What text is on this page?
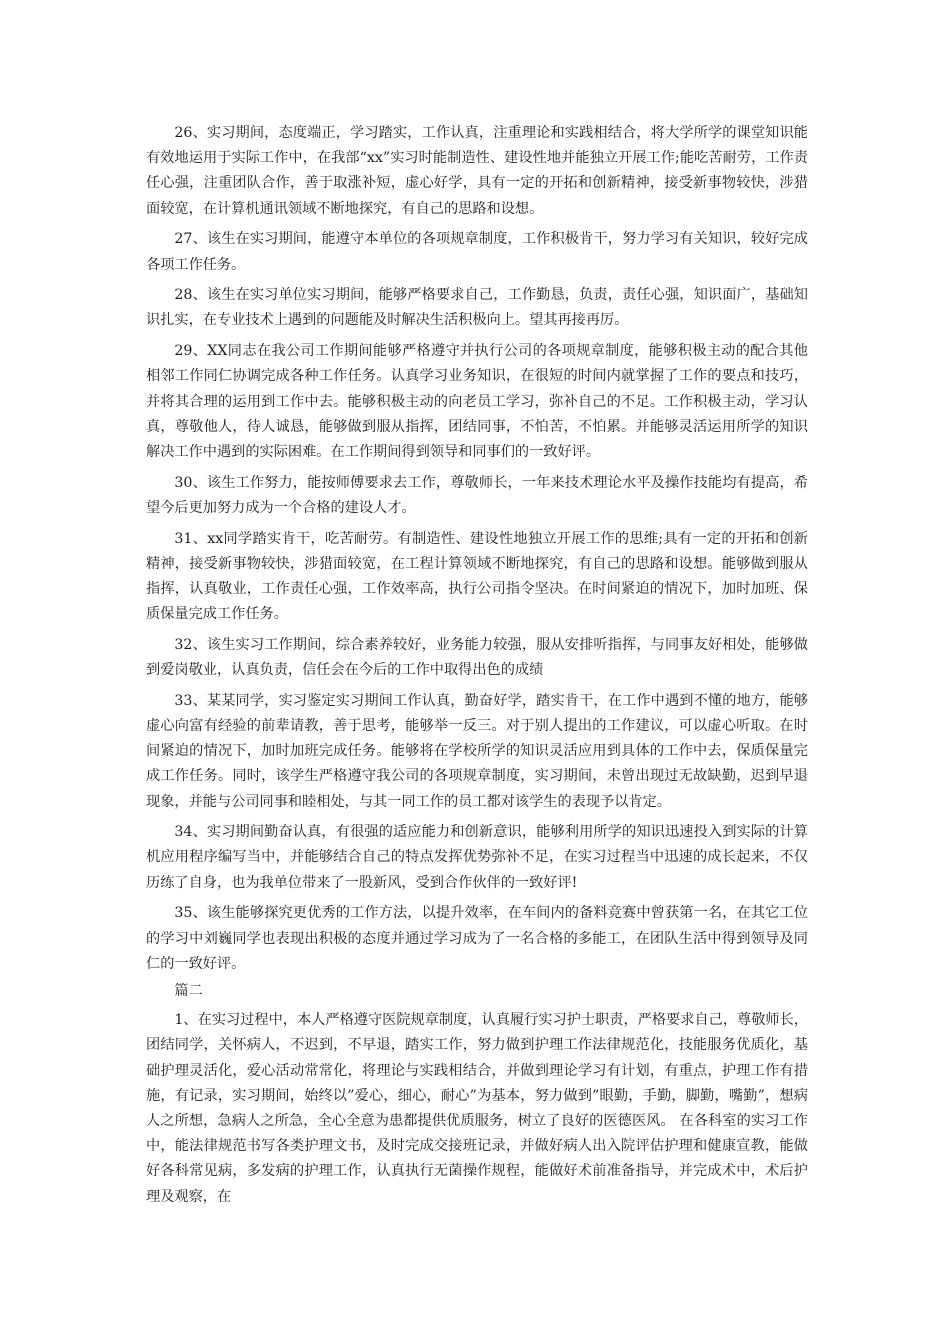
26、实习期间，态度端正，学习踏实，工作认真，注重理论和实践相结合，将大学所学的课堂知识能有效地运用于实际工作中，在我部“xx”实习时能制造性、建设性地并能独立开展工作;能吃苦耐劳，工作责任心强，注重团队合作，善于取涨补短，虚心好学，具有一定的开拓和创新精神，接受新事物较快，涉猎面较宽，在计算机通讯领域不断地探究，有自己的思路和设想。

27、该生在实习期间，能遵守本单位的各项规章制度，工作积极肯干，努力学习有关知识，较好完成各项工作任务。

28、该生在实习单位实习期间，能够严格要求自己，工作勤恳，负责，责任心强，知识面广，基础知识扎实，在专业技术上遇到的问题能及时解决生活积极向上。望其再接再厉。

29、XX同志在我公司工作期间能够严格遵守并执行公司的各项规章制度，能够积极主动的配合其他相邻工作同仁协调完成各种工作任务。认真学习业务知识，在很短的时间内就掌握了工作的要点和技巧，并将其合理的运用到工作中去。能够积极主动的向老员工学习，弥补自己的不足。工作积极主动，学习认真，尊敬他人，待人诚恳，能够做到服从指挥，团结同事，不怕苦，不怕累。并能够灵活运用所学的知识解决工作中遇到的实际困难。在工作期间得到领导和同事们的一致好评。

30、该生工作努力，能按师傅要求去工作，尊敬师长，一年来技术理论水平及操作技能均有提高，希望今后更加努力成为一个合格的建设人才。

31、xx同学踏实肯干，吃苦耐劳。有制造性、建设性地独立开展工作的思维;具有一定的开拓和创新精神，接受新事物较快，涉猎面较宽，在工程计算领域不断地探究，有自己的思路和设想。能够做到服从指挥，认真敬业，工作责任心强，工作效率高，执行公司指令坚决。在时间紧迫的情况下，加时加班、保质保量完成工作任务。

32、该生实习工作期间，综合素养较好，业务能力较强，服从安排听指挥，与同事友好相处，能够做到爱岗敬业，认真负责，信任会在今后的工作中取得出色的成绩

33、某某同学，实习鉴定实习期间工作认真，勤奋好学，踏实肯干，在工作中遇到不懂的地方，能够虚心向富有经验的前辈请教，善于思考，能够举一反三。对于别人提出的工作建议，可以虚心听取。在时间紧迫的情况下，加时加班完成任务。能够将在学校所学的知识灵活应用到具体的工作中去，保质保量完成工作任务。同时，该学生严格遵守我公司的各项规章制度，实习期间，未曾出现过无故缺勤，迟到早退现象，并能与公司同事和睦相处，与其一同工作的员工都对该学生的表现予以肯定。

34、实习期间勤奋认真，有很强的适应能力和创新意识，能够利用所学的知识迅速投入到实际的计算机应用程序编写当中，并能够结合自己的特点发挥优势弥补不足，在实习过程当中迅速的成长起来，不仅历练了自身，也为我单位带来了一股新风，受到合作伙伴的一致好评!

35、该生能够探究更优秀的工作方法，以提升效率，在车间内的备料竞赛中曾获第一名，在其它工位的学习中刘巍同学也表现出积极的态度并通过学习成为了一名合格的多能工，在团队生活中得到领导及同仁的一致好评。

篇二

1、在实习过程中，本人严格遵守医院规章制度，认真履行实习护士职责，严格要求自己，尊敬师长，团结同学，关怀病人，不迟到，不早退，踏实工作，努力做到护理工作法律规范化，技能服务优质化，基础护理灵活化，爱心活动常常化，将理论与实践相结合，并做到理论学习有计划，有重点，护理工作有措施，有记录，实习期间，始终以”爱心，细心，耐心”为基本，努力做到”眼勤，手勤，脚勤，嘴勤”，想病人之所想，急病人之所急，全心全意为患都提供优质服务，树立了良好的医德医风。 在各科室的实习工作中，能法律规范书写各类护理文书，及时完成交接班记录，并做好病人出入院评估护理和健康宣教，能做好各科常见病，多发病的护理工作，认真执行无菌操作规程，能做好术前准备指导，并完成术中，术后护理及观察，在
